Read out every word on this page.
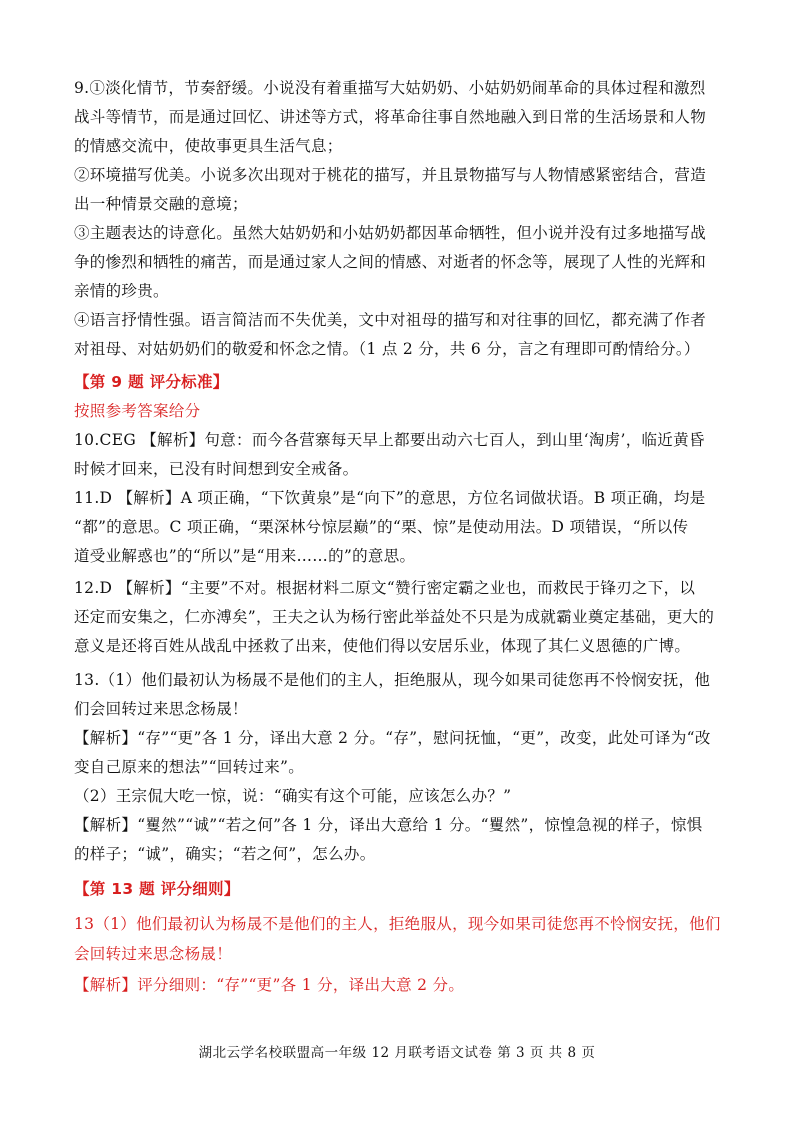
9.①淡化情节，节奏舒缓。小说没有着重描写大姑奶奶、小姑奶奶闹革命的具体过程和激烈
战斗等情节，而是通过回忆、讲述等方式，将革命往事自然地融入到日常的生活场景和人物
的情感交流中，使故事更具生活气息；
②环境描写优美。小说多次出现对于桃花的描写，并且景物描写与人物情感紧密结合，营造
出一种情景交融的意境；
③主题表达的诗意化。虽然大姑奶奶和小姑奶奶都因革命牺牲，但小说并没有过多地描写战
争的惨烈和牺牲的痛苦，而是通过家人之间的情感、对逝者的怀念等，展现了人性的光辉和
亲情的珍贵。
④语言抒情性强。语言简洁而不失优美，文中对祖母的描写和对往事的回忆，都充满了作者
对祖母、对姑奶奶们的敬爱和怀念之情。（1 点 2 分，共 6 分，言之有理即可酌情给分。）
【第 9 题 评分标准】
按照参考答案给分
10.CEG 【解析】句意：而今各营寨每天早上都要出动六七百人，到山里‘淘虏’，临近黄昏
时候才回来，已没有时间想到安全戒备。
11.D 【解析】A 项正确，“下饮黄泉”是“向下”的意思，方位名词做状语。B 项正确，均是
“都”的意思。C 项正确，“栗深林兮惊层巅”的“栗、惊”是使动用法。D 项错误，“所以传
道受业解惑也”的“所以”是“用来……的”的意思。
12.D 【解析】“主要”不对。根据材料二原文“赞行密定霸之业也，而救民于锋刃之下，以
还定而安集之，仁亦溥矣”，王夫之认为杨行密此举益处不只是为成就霸业奠定基础，更大的
意义是还将百姓从战乱中拯救了出来，使他们得以安居乐业，体现了其仁义恩德的广博。
13.（1）他们最初认为杨晟不是他们的主人，拒绝服从，现今如果司徒您再不怜悯安抚，他
们会回转过来思念杨晟！
【解析】“存”“更”各 1 分，译出大意 2 分。“存”，慰问抚恤，“更”，改变，此处可译为“改
变自己原来的想法”“回转过来”。
（2）王宗侃大吃一惊，说：“确实有这个可能，应该怎么办？”
【解析】“矍然”“诚”“若之何”各 1 分，译出大意给 1 分。“矍然”，惊惶急视的样子，惊惧
的样子；“诚”，确实；“若之何”，怎么办。
【第 13 题 评分细则】
13（1）他们最初认为杨晟不是他们的主人，拒绝服从，现今如果司徒您再不怜悯安抚，他们
会回转过来思念杨晟！
【解析】评分细则：“存”“更”各 1 分，译出大意 2 分。
湖北云学名校联盟高一年级 12 月联考语文试卷 第 3 页 共 8 页
